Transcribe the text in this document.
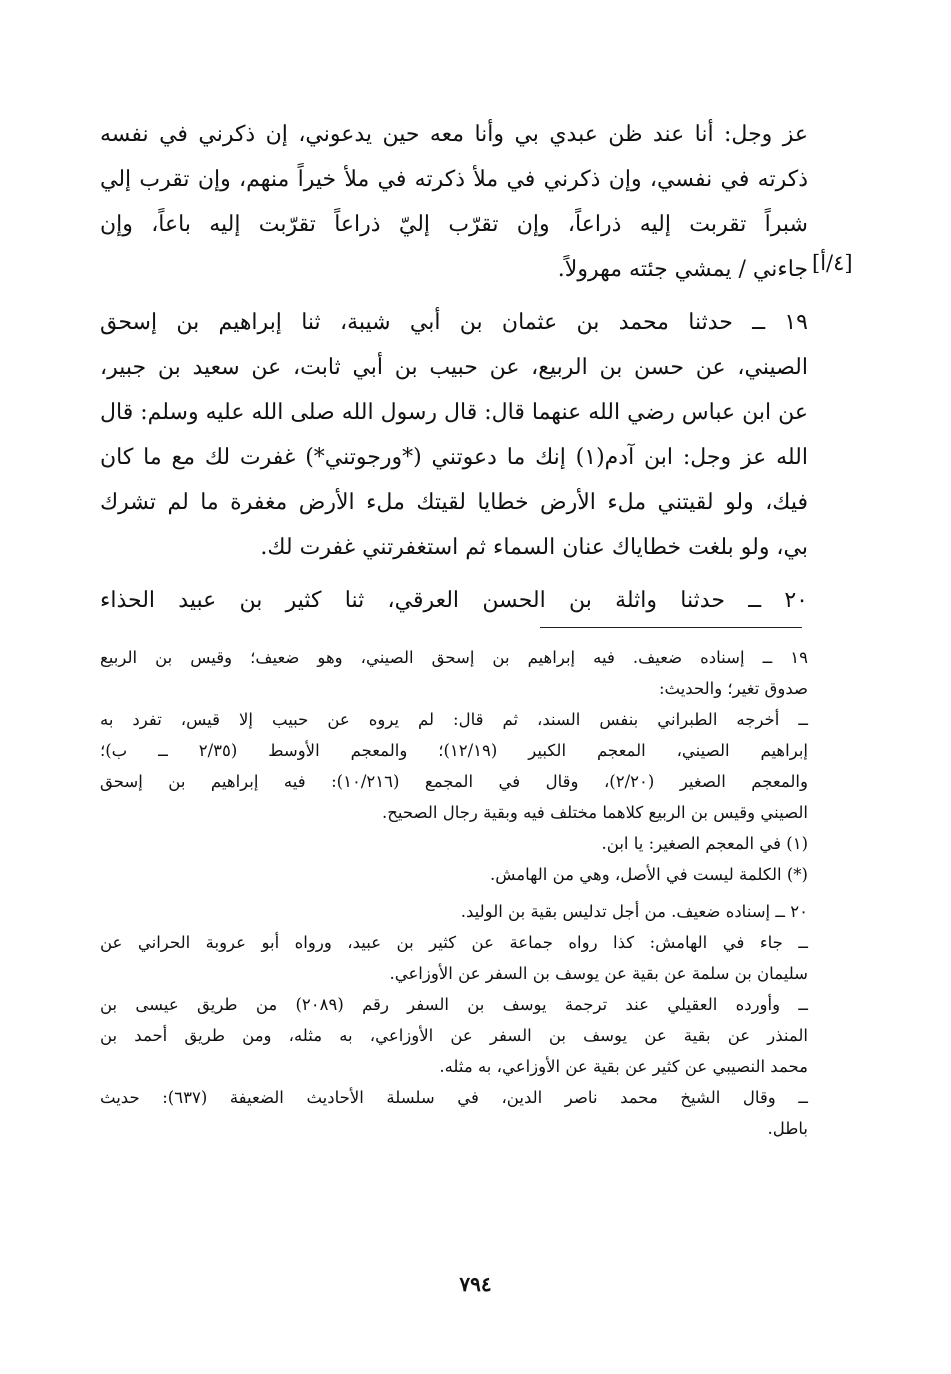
عز وجل: أنا عند ظن عبدي بي وأنا معه حين يدعوني، إن ذكرني في نفسه
ذكرته في نفسي، وإن ذكرني في ملأ ذكرته في ملأ خيراً منهم، وإن تقرب إلي
شبراً تقربت إليه ذراعاً، وإن تقرّب إليّ ذراعاً تقرّبت إليه باعاً، وإن
جاءني / يمشي جئته مهرولاً.
١٩ ــ حدثنا محمد بن عثمان بن أبي شيبة، ثنا إبراهيم بن إسحق
الصيني، عن حسن بن الربيع، عن حبيب بن أبي ثابت، عن سعيد بن جبير،
عن ابن عباس رضي الله عنهما قال: قال رسول الله صلى الله عليه وسلم: قال
الله عز وجل: ابن آدم(١) إنك ما دعوتني (*ورجوتني*) غفرت لك مع ما كان
فيك، ولو لقيتني ملء الأرض خطايا لقيتك ملء الأرض مغفرة ما لم تشرك
بي، ولو بلغت خطاياك عنان السماء ثم استغفرتني غفرت لك.
٢٠ ــ حدثنا واثلة بن الحسن العرقي، ثنا كثير بن عبيد الحذاء
[٤/أ]
١٩ ــ إسناده ضعيف. فيه إبراهيم بن إسحق الصيني، وهو ضعيف؛ وقيس بن الربيع
صدوق تغير؛ والحديث:
ــ أخرجه الطبراني بنفس السند، ثم قال: لم يروه عن حبيب إلا قيس، تفرد به
إبراهيم الصيني، المعجم الكبير (١٢/١٩)؛ والمعجم الأوسط (٢/٣٥ ــ ب)؛
والمعجم الصغير (٢/٢٠)، وقال في المجمع (١٠/٢١٦): فيه إبراهيم بن إسحق
الصيني وقيس بن الربيع كلاهما مختلف فيه وبقية رجال الصحيح.
(١) في المعجم الصغير: يا ابن.
(*) الكلمة ليست في الأصل، وهي من الهامش.
٢٠ ــ إسناده ضعيف. من أجل تدليس بقية بن الوليد.
ــ جاء في الهامش: كذا رواه جماعة عن كثير بن عبيد، ورواه أبو عروبة الحراني عن
سليمان بن سلمة عن بقية عن يوسف بن السفر عن الأوزاعي.
ــ وأورده العقيلي عند ترجمة يوسف بن السفر رقم (٢٠٨٩) من طريق عيسى بن
المنذر عن بقية عن يوسف بن السفر عن الأوزاعي، به مثله، ومن طريق أحمد بن
محمد النصيبي عن كثير عن بقية عن الأوزاعي، به مثله.
ــ وقال الشيخ محمد ناصر الدين، في سلسلة الأحاديث الضعيفة (٦٣٧): حديث
باطل.
٧٩٤
